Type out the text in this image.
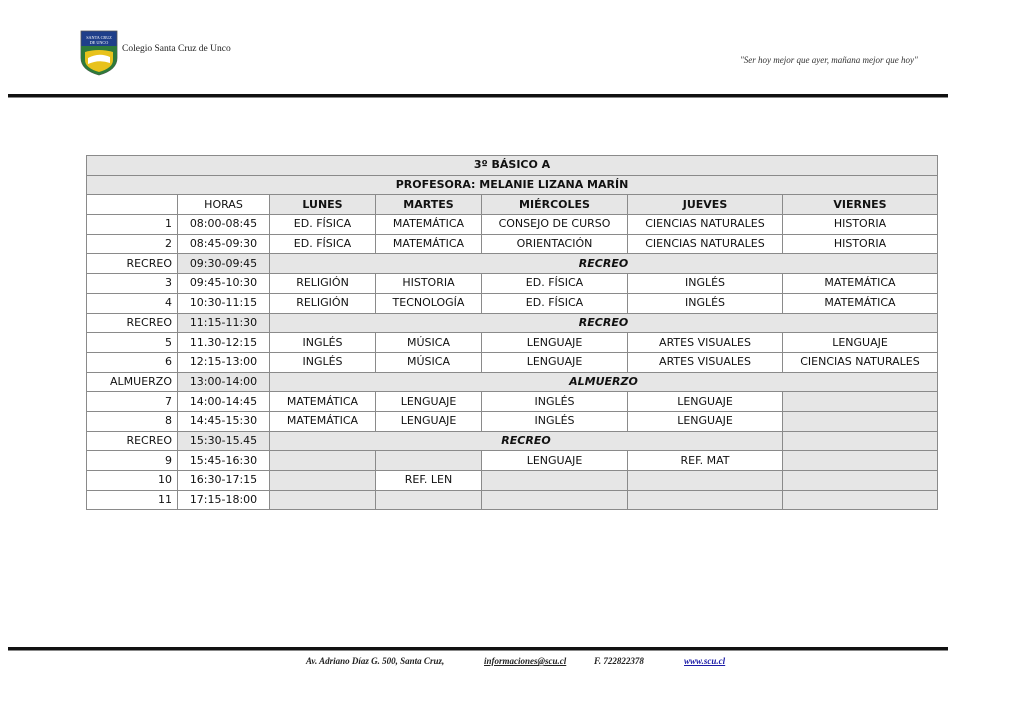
SANTA CRUZ
DE UNCO
Colegio Santa Cruz de Unco
"Ser hoy mejor que ayer, mañana mejor que hoy"
3º BÁSICO A						
PROFESORA: MELANIE LIZANA MARÍN						
	HORAS	LUNES	MARTES	MIÉRCOLES	JUEVES	VIERNES
1	08:00-08:45	ED. FÍSICA	MATEMÁTICA	CONSEJO DE CURSO	CIENCIAS NATURALES	HISTORIA
2	08:45-09:30	ED. FÍSICA	MATEMÁTICA	ORIENTACIÓN	CIENCIAS NATURALES	HISTORIA
RECREO	09:30-09:45	RECREO				
3	09:45-10:30	RELIGIÓN	HISTORIA	ED. FÍSICA	INGLÉS	MATEMÁTICA
4	10:30-11:15	RELIGIÓN	TECNOLOGÍA	ED. FÍSICA	INGLÉS	MATEMÁTICA
RECREO	11:15-11:30	RECREO				
5	11.30-12:15	INGLÉS	MÚSICA	LENGUAJE	ARTES VISUALES	LENGUAJE
6	12:15-13:00	INGLÉS	MÚSICA	LENGUAJE	ARTES VISUALES	CIENCIAS NATURALES
ALMUERZO	13:00-14:00	ALMUERZO				
7	14:00-14:45	MATEMÁTICA	LENGUAJE	INGLÉS	LENGUAJE	
8	14:45-15:30	MATEMÁTICA	LENGUAJE	INGLÉS	LENGUAJE	
RECREO	15:30-15.45	RECREO				
9	15:45-16:30			LENGUAJE	REF. MAT	
10	16:30-17:15		REF. LEN			
11	17:15-18:00					
Av. Adriano Díaz G. 500, Santa Cruz,	informaciones@scu.cl	F. 722822378	www.scu.cl
